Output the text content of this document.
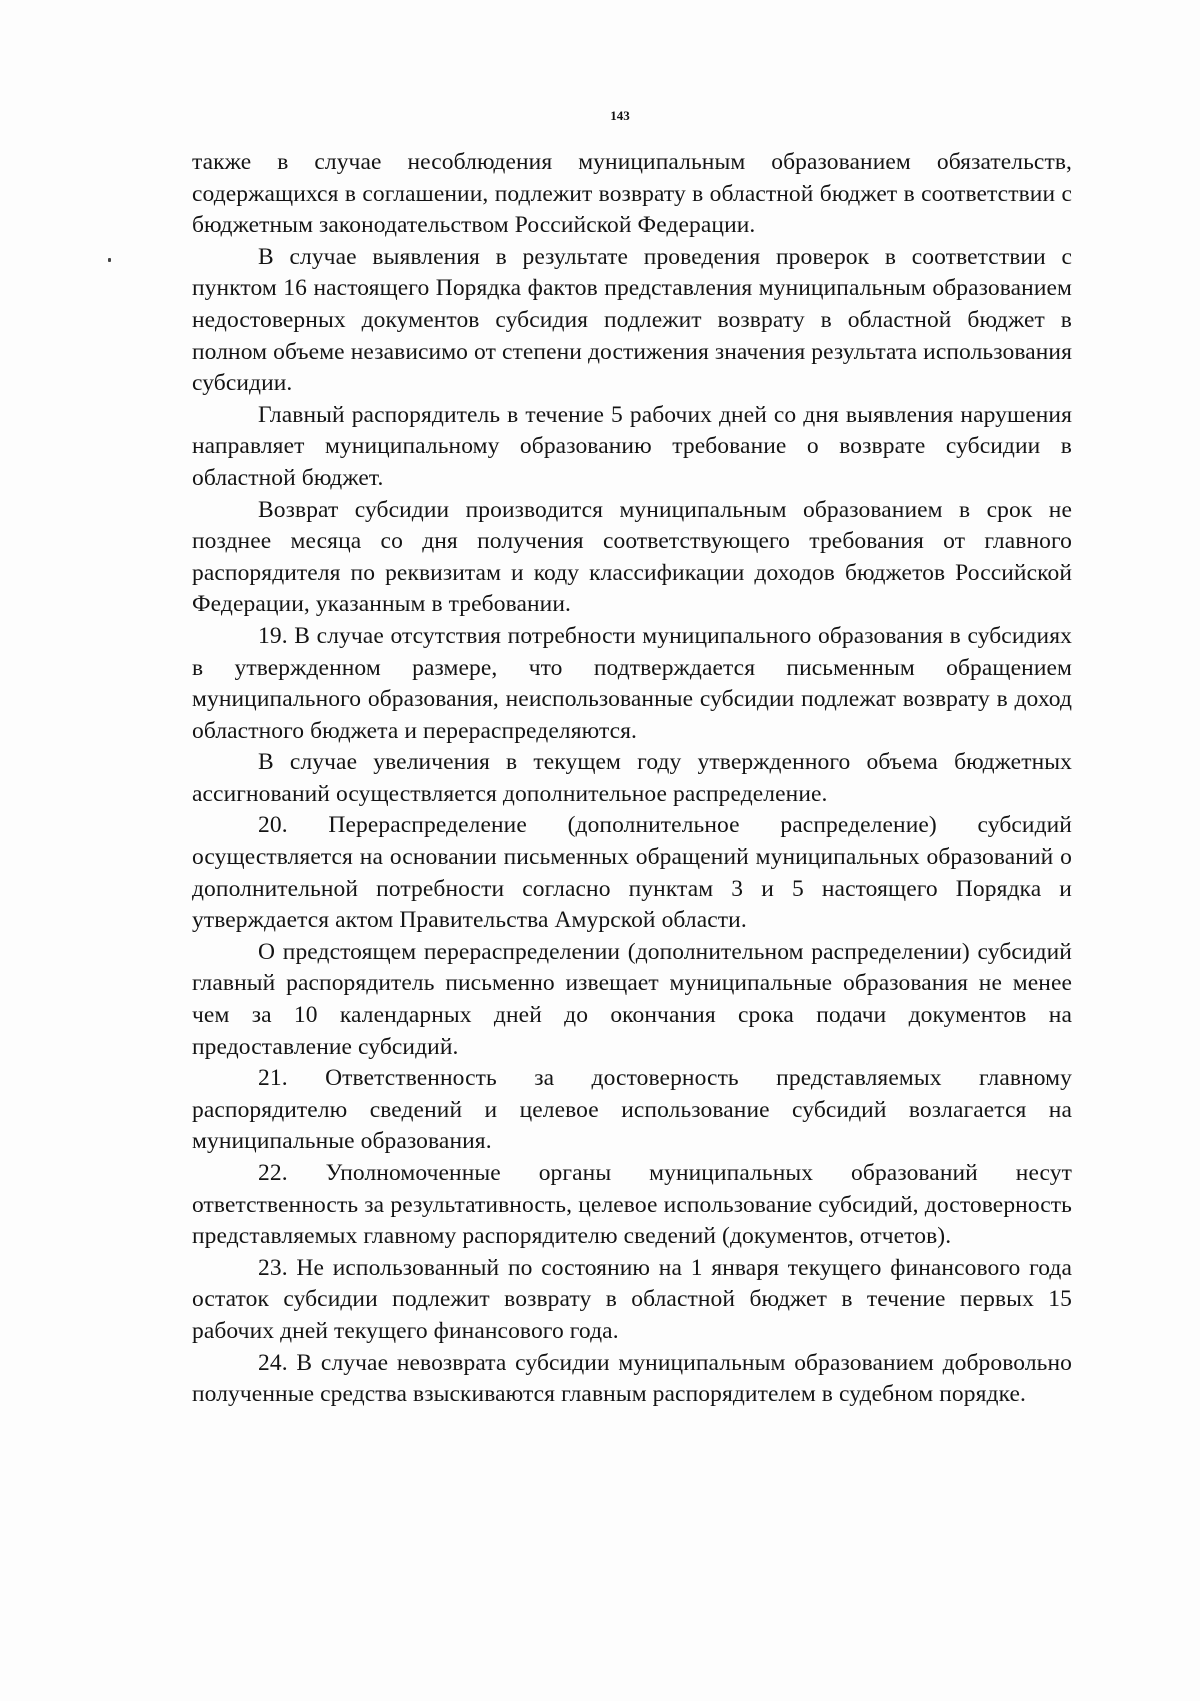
143

также в случае несоблюдения муниципальным образованием обязательств, содержащихся в соглашении, подлежит возврату в областной бюджет в соответствии с бюджетным законодательством Российской Федерации.

В случае выявления в результате проведения проверок в соответствии с пунктом 16 настоящего Порядка фактов представления муниципальным образованием недостоверных документов субсидия подлежит возврату в областной бюджет в полном объеме независимо от степени достижения значения результата использования субсидии.

Главный распорядитель в течение 5 рабочих дней со дня выявления нарушения направляет муниципальному образованию требование о возврате субсидии в областной бюджет.

Возврат субсидии производится муниципальным образованием в срок не позднее месяца со дня получения соответствующего требования от главного распорядителя по реквизитам и коду классификации доходов бюджетов Российской Федерации, указанным в требовании.

19. В случае отсутствия потребности муниципального образования в субсидиях в утвержденном размере, что подтверждается письменным обращением муниципального образования, неиспользованные субсидии подлежат возврату в доход областного бюджета и перераспределяются.

В случае увеличения в текущем году утвержденного объема бюджетных ассигнований осуществляется дополнительное распределение.

20. Перераспределение (дополнительное распределение) субсидий осуществляется на основании письменных обращений муниципальных образований о дополнительной потребности согласно пунктам 3 и 5 настоящего Порядка и утверждается актом Правительства Амурской области.

О предстоящем перераспределении (дополнительном распределении) субсидий главный распорядитель письменно извещает муниципальные образования не менее чем за 10 календарных дней до окончания срока подачи документов на предоставление субсидий.

21. Ответственность за достоверность представляемых главному распорядителю сведений и целевое использование субсидий возлагается на муниципальные образования.

22. Уполномоченные органы муниципальных образований несут ответственность за результативность, целевое использование субсидий, достоверность представляемых главному распорядителю сведений (документов, отчетов).

23. Не использованный по состоянию на 1 января текущего финансового года остаток субсидии подлежит возврату в областной бюджет в течение первых 15 рабочих дней текущего финансового года.

24. В случае невозврата субсидии муниципальным образованием добровольно полученные средства взыскиваются главным распорядителем в судебном порядке.
